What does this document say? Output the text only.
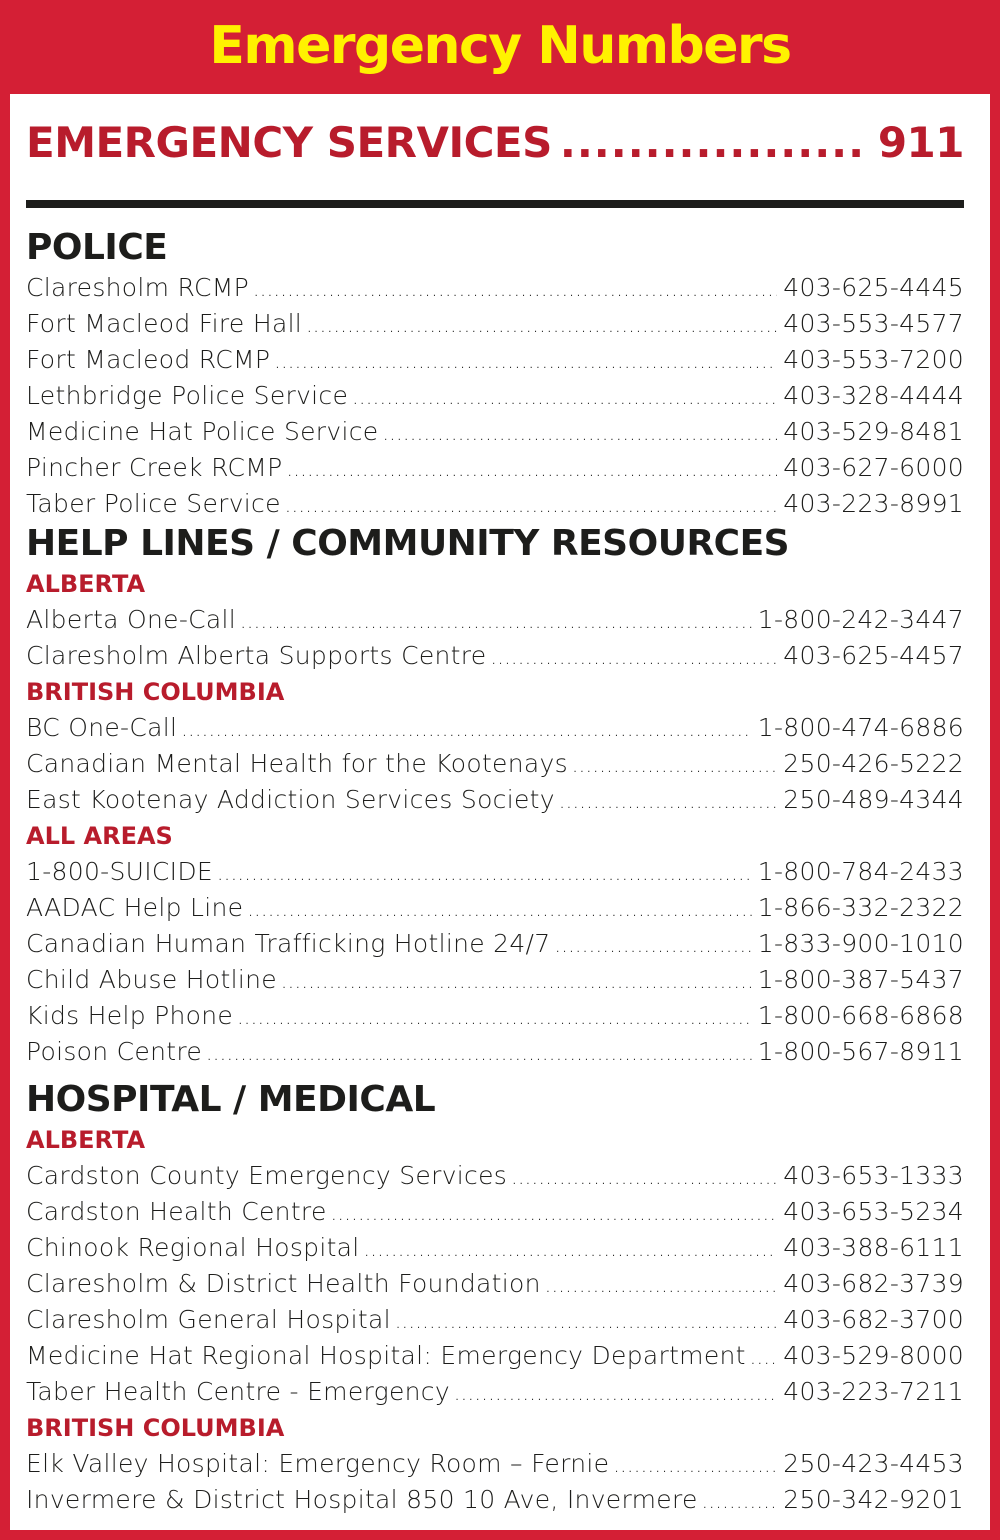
Emergency Numbers
EMERGENCY SERVICES .....	911
POLICE
Claresholm RCMP .....	403-625-4445
Fort Macleod Fire Hall .....	403-553-4577
Fort Macleod RCMP .....	403-553-7200
Lethbridge Police Service .....	403-328-4444
Medicine Hat Police Service .....	403-529-8481
Pincher Creek RCMP .....	403-627-6000
Taber Police Service .....	403-223-8991
HELP LINES / COMMUNITY RESOURCES
ALBERTA
Alberta One-Call .....	1-800-242-3447
Claresholm Alberta Supports Centre .....	403-625-4457
BRITISH COLUMBIA
BC One-Call .....	1-800-474-6886
Canadian Mental Health for the Kootenays .....	250-426-5222
East Kootenay Addiction Services Society .....	250-489-4344
ALL AREAS
1-800-SUICIDE .....	1-800-784-2433
AADAC Help Line .....	1-866-332-2322
Canadian Human Trafficking Hotline 24/7 .....	1-833-900-1010
Child Abuse Hotline .....	1-800-387-5437
Kids Help Phone .....	1-800-668-6868
Poison Centre .....	1-800-567-8911
HOSPITAL / MEDICAL
ALBERTA
Cardston County Emergency Services .....	403-653-1333
Cardston Health Centre .....	403-653-5234
Chinook Regional Hospital .....	403-388-6111
Claresholm & District Health Foundation .....	403-682-3739
Claresholm General Hospital .....	403-682-3700
Medicine Hat Regional Hospital: Emergency Department ..... 403-529-8000
Taber Health Centre - Emergency .....	403-223-7211
BRITISH COLUMBIA
Elk Valley Hospital: Emergency Room – Fernie .....	250-423-4453
Invermere & District Hospital 850 10 Ave, Invermere .....	250-342-9201
